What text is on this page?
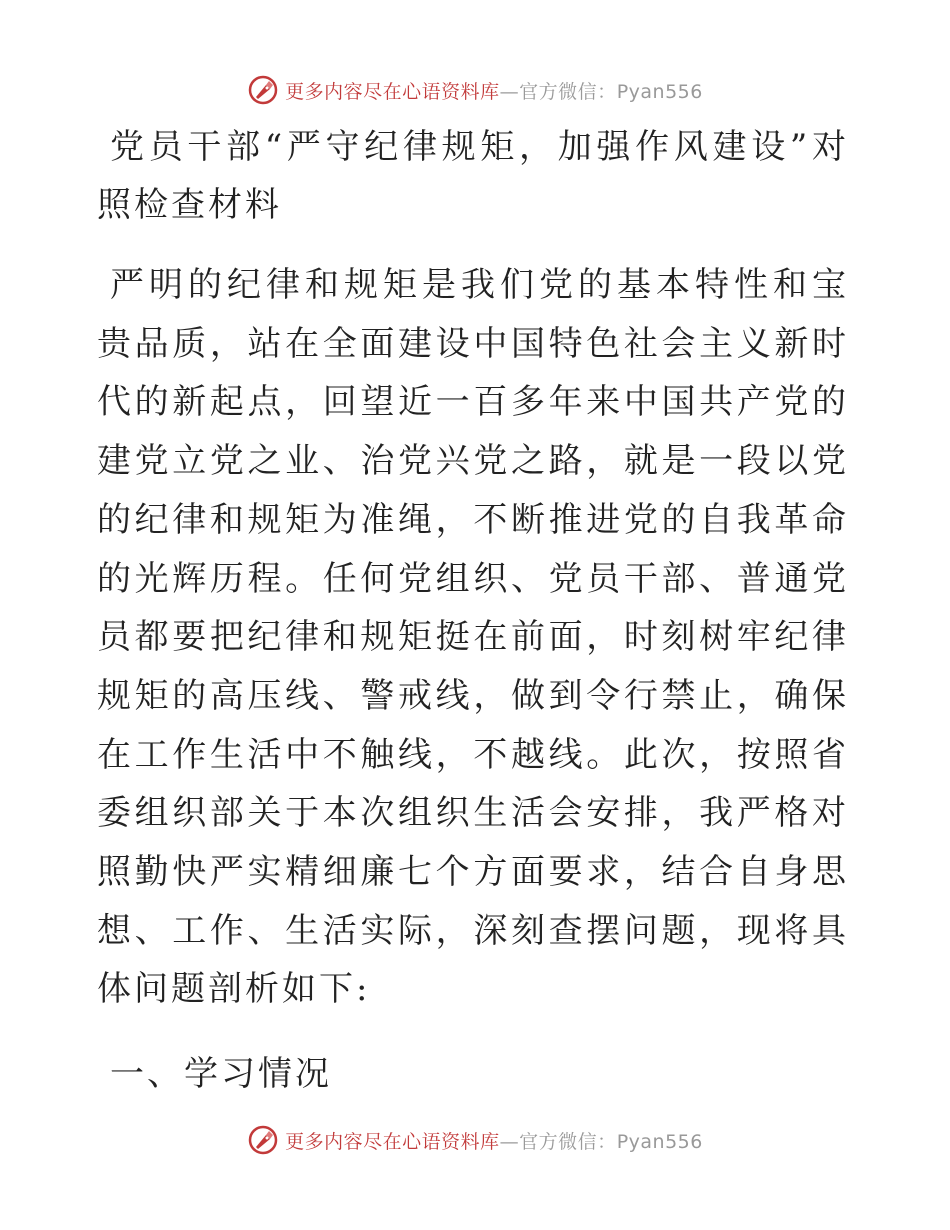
更多内容尽在心语资料库—官方微信：Pyan556
党员干部“严守纪律规矩，加强作风建设”对照检查材料

严明的纪律和规矩是我们党的基本特性和宝贵品质，站在全面建设中国特色社会主义新时代的新起点，回望近一百多年来中国共产党的建党立党之业、治党兴党之路，就是一段以党的纪律和规矩为准绳，不断推进党的自我革命的光辉历程。任何党组织、党员干部、普通党员都要把纪律和规矩挺在前面，时刻树牢纪律规矩的高压线、警戒线，做到令行禁止，确保在工作生活中不触线，不越线。此次，按照省委组织部关于本次组织生活会安排，我严格对照勤快严实精细廉七个方面要求，结合自身思想、工作、生活实际，深刻查摆问题，现将具体问题剖析如下:

一、学习情况
更多内容尽在心语资料库—官方微信：Pyan556
